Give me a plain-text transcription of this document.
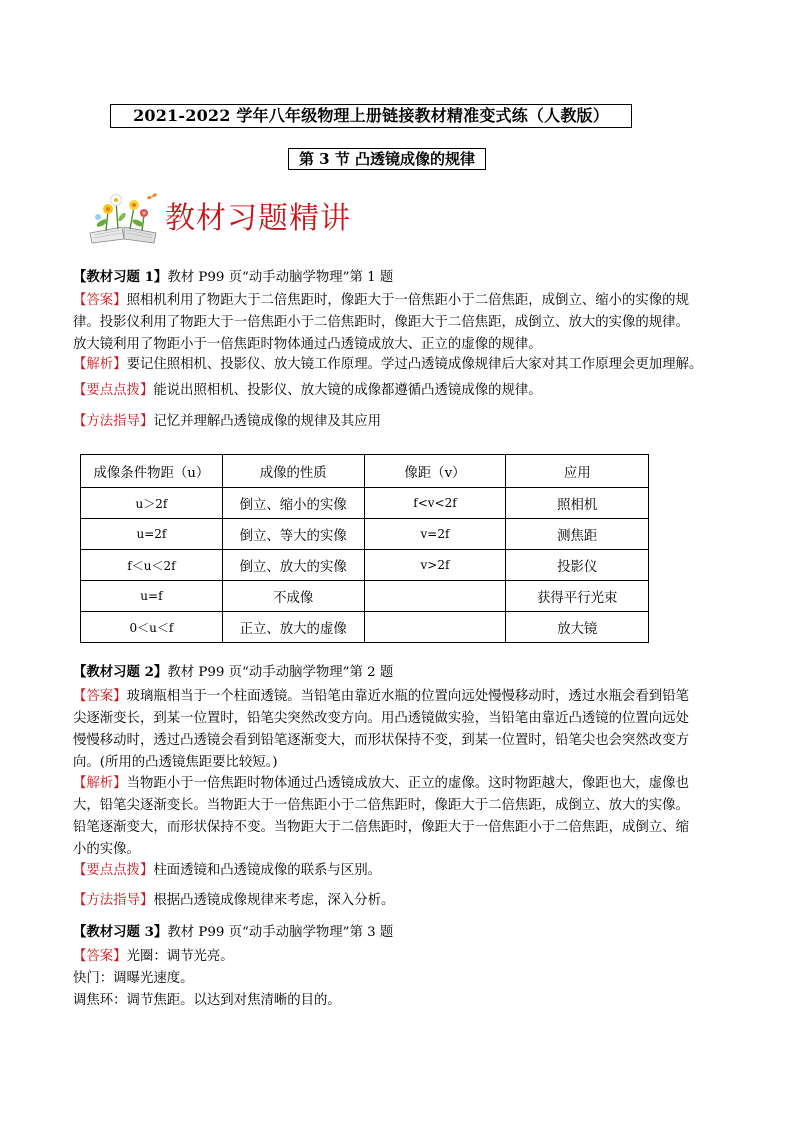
2021-2022 学年八年级物理上册链接教材精准变式练（人教版）
第 3 节 凸透镜成像的规律
教材习题精讲
【教材习题 1】教材 P99 页“动手动脑学物理”第 1 题
【答案】照相机利用了物距大于二倍焦距时，像距大于一倍焦距小于二倍焦距，成倒立、缩小的实像的规
律。投影仪利用了物距大于一倍焦距小于二倍焦距时，像距大于二倍焦距，成倒立、放大的实像的规律。
放大镜利用了物距小于一倍焦距时物体通过凸透镜成放大、正立的虚像的规律。
【解析】要记住照相机、投影仪、放大镜工作原理。学过凸透镜成像规律后大家对其工作原理会更加理解。
【要点点拨】能说出照相机、投影仪、放大镜的成像都遵循凸透镜成像的规律。
【方法指导】记忆并理解凸透镜成像的规律及其应用
成像条件物距（u）	成像的性质	像距（v）	应用
u＞2f	倒立、缩小的实像	f<v<2f	照相机
u=2f	倒立、等大的实像	v=2f	测焦距
f＜u＜2f	倒立、放大的实像	v>2f	投影仪
u=f	不成像		获得平行光束
0＜u＜f	正立、放大的虚像		放大镜
【教材习题 2】教材 P99 页“动手动脑学物理”第 2 题
【答案】玻璃瓶相当于一个柱面透镜。当铅笔由靠近水瓶的位置向远处慢慢移动时，透过水瓶会看到铅笔
尖逐渐变长，到某一位置时，铅笔尖突然改变方向。用凸透镜做实验，当铅笔由靠近凸透镜的位置向远处
慢慢移动时，透过凸透镜会看到铅笔逐渐变大，而形状保持不变，到某一位置时，铅笔尖也会突然改变方
向。(所用的凸透镜焦距要比较短。)
【解析】当物距小于一倍焦距时物体通过凸透镜成放大、正立的虚像。这时物距越大，像距也大，虚像也
大，铅笔尖逐渐变长。当物距大于一倍焦距小于二倍焦距时，像距大于二倍焦距，成倒立、放大的实像。
铅笔逐渐变大，而形状保持不变。当物距大于二倍焦距时，像距大于一倍焦距小于二倍焦距，成倒立、缩
小的实像。
【要点点拨】柱面透镜和凸透镜成像的联系与区别。
【方法指导】根据凸透镜成像规律来考虑，深入分析。
【教材习题 3】教材 P99 页“动手动脑学物理”第 3 题
【答案】光圈：调节光亮。
快门：调曝光速度。
调焦环：调节焦距。以达到对焦清晰的目的。
